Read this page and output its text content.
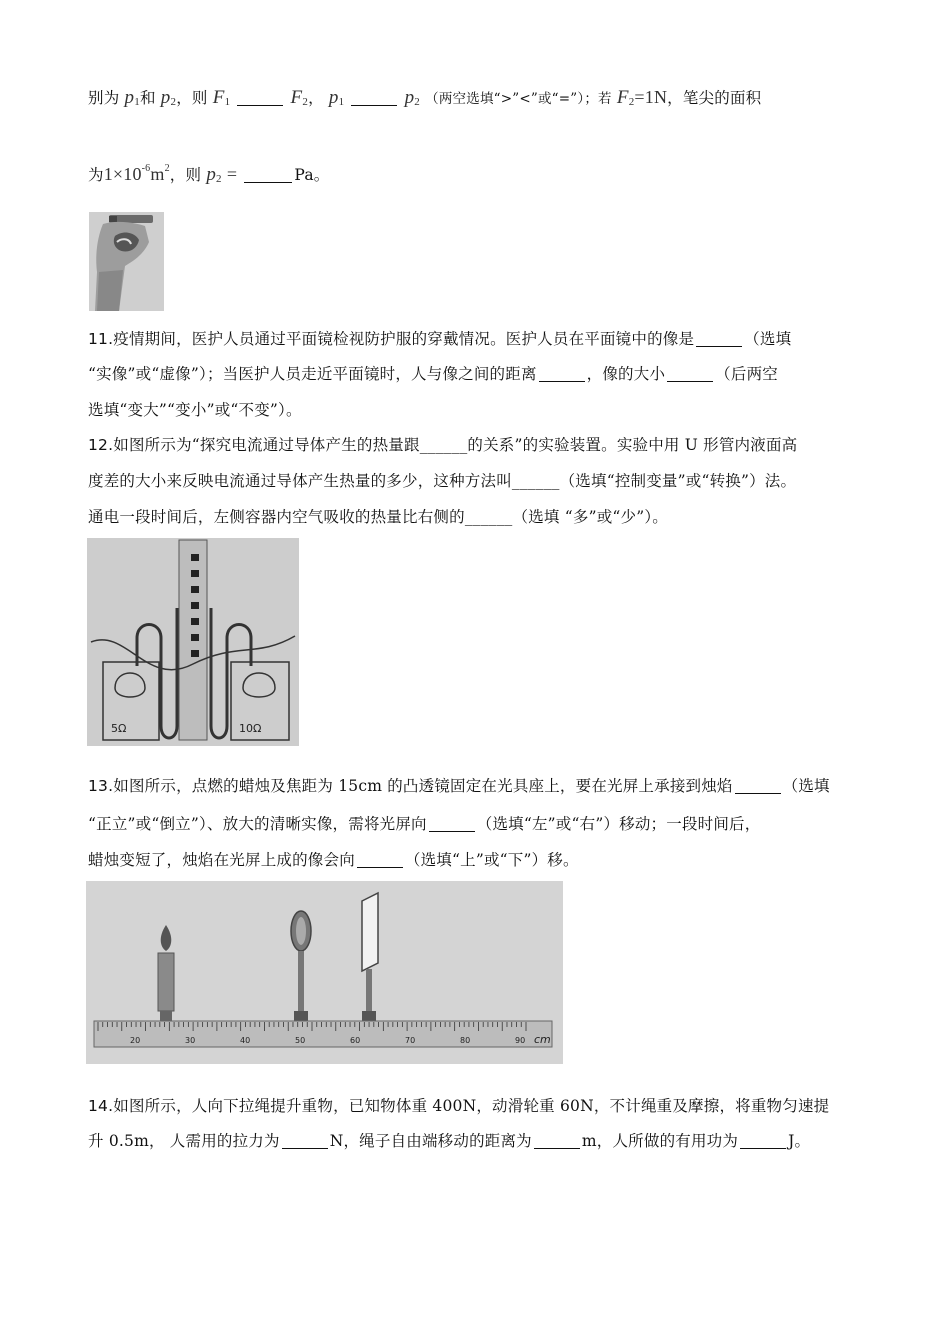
别为 p1和 p2，则 F1	F2， p1	p2 （两空选填“>”<”或“=”）；若 F2=1N，笔尖的面积
为$1\times 10^{-6}m^2$，则 p2 =	Pa。
11.疫情期间，医护人员通过平面镜检视防护服的穿戴情况。医护人员在平面镜中的像是	（选填
“实像”或“虚像”）；当医护人员走近平面镜时，人与像之间的距离	，像的大小	（后两空
选填“变大”“变小”或“不变”）。
12.如图所示为“探究电流通过导体产生的热量跟______的关系”的实验装置。实验中用 U 形管内液面高
度差的大小来反映电流通过导体产生热量的多少，这种方法叫______（选填“控制变量”或“转换”）法。
通电一段时间后，左侧容器内空气吸收的热量比右侧的______（选填 “多”或“少”）。
5Ω	10Ω
13.如图所示，点燃的蜡烛及焦距为 15cm 的凸透镜固定在光具座上，要在光屏上承接到烛焰	（选填
“正立”或“倒立”）、放大的清晰实像，需将光屏向	（选填“左”或“右”）移动；一段时间后，
蜡烛变短了，烛焰在光屏上成的像会向	（选填“上”或“下”）移。
20	30	40	50	60	70	80	90 cm
14.如图所示，人向下拉绳提升重物，已知物体重 400N，动滑轮重 60N，不计绳重及摩擦，将重物匀速提
升 0.5m， 人需用的拉力为	N，绳子自由端移动的距离为	m，人所做的有用功为	J。
